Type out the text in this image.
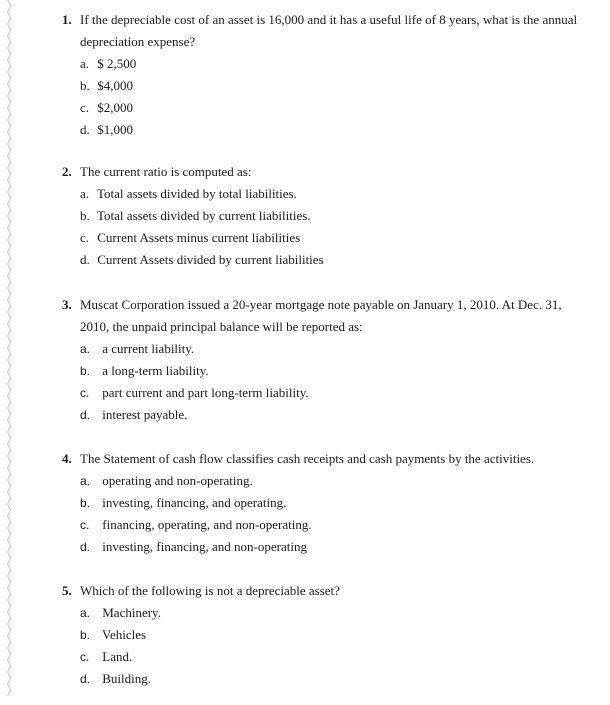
1. If the depreciable cost of an asset is 16,000 and it has a useful life of 8 years, what is the annual depreciation expense?
a. $ 2,500
b. $4,000
c. $2,000
d. $1,000
2. The current ratio is computed as:
a. Total assets divided by total liabilities.
b. Total assets divided by current liabilities.
c. Current Assets minus current liabilities
d. Current Assets divided by current liabilities
3. Muscat Corporation issued a 20-year mortgage note payable on January 1, 2010. At Dec. 31, 2010, the unpaid principal balance will be reported as:
a. a current liability.
b. a long-term liability.
c. part current and part long-term liability.
d. interest payable.
4. The Statement of cash flow classifies cash receipts and cash payments by the activities.
a. operating and non-operating.
b. investing, financing, and operating.
c. financing, operating, and non-operating.
d. investing, financing, and non-operating
5. Which of the following is not a depreciable asset?
a. Machinery.
b. Vehicles
c. Land.
d. Building.
